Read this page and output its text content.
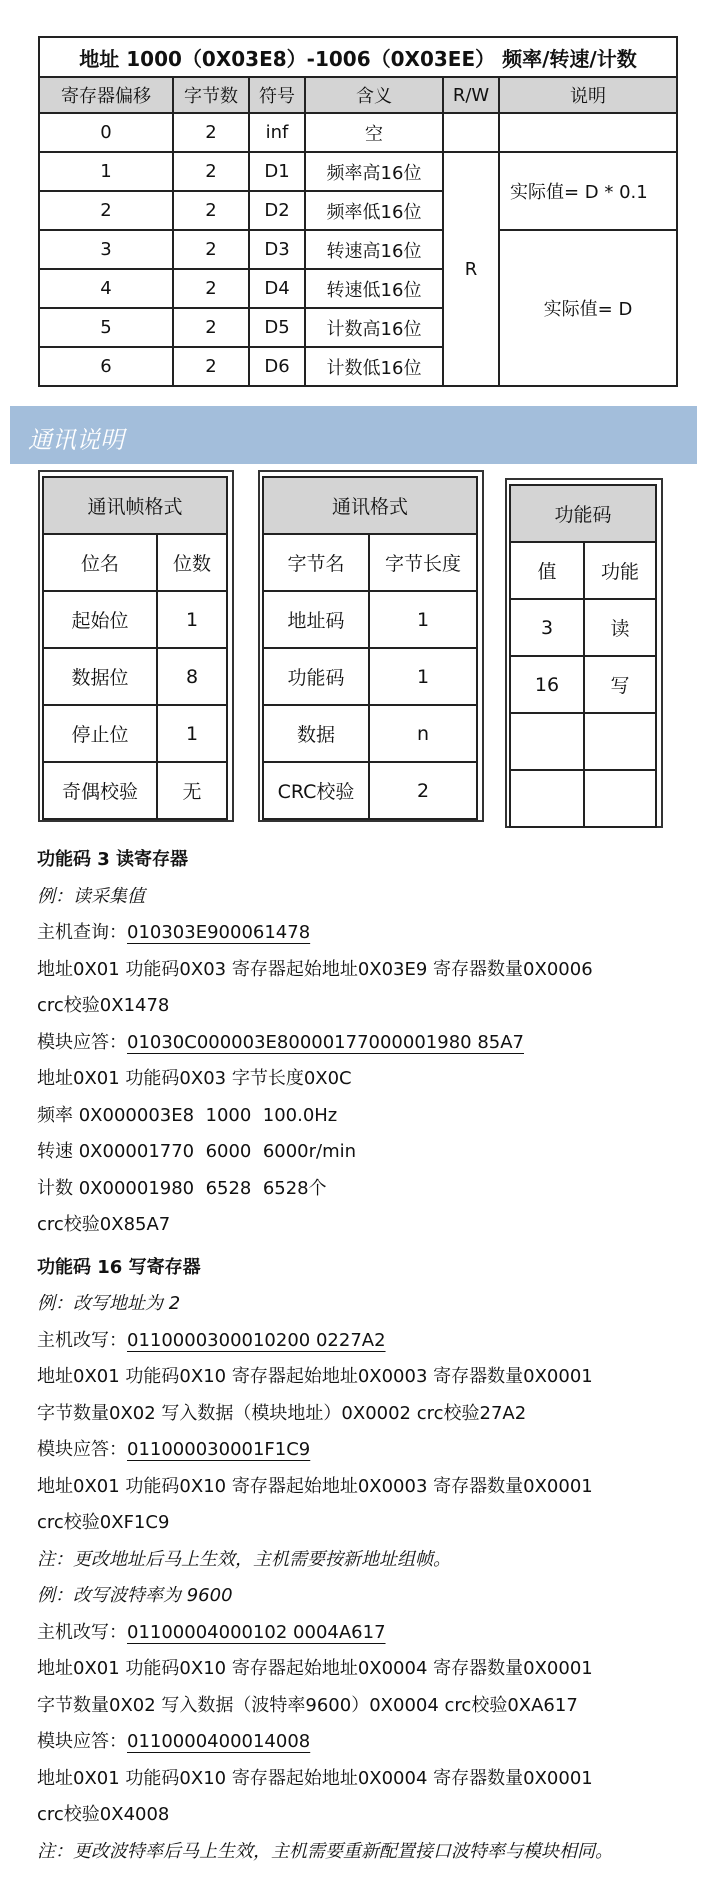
地址 1000（0X03E8）-1006（0X03EE） 频率/转速/计数					
寄存器偏移	字节数	符号	含义	R/W	说明
0	2	inf	空		
1	2	D1	频率高16位	R	实际值= D * 0.1
2	2	D2	频率低16位		
3	2	D3	转速高16位		实际值= D
4	2	D4	转速低16位		
5	2	D5	计数高16位		
6	2	D6	计数低16位		
通讯说明
通讯帧格式	
位名	位数
起始位	1
数据位	8
停止位	1
奇偶校验	无
通讯格式	
字节名	字节长度
地址码	1
功能码	1
数据	n
CRC校验	2
功能码	
值	功能
3	读
16	写

功能码 3 读寄存器
例：读采集值
主机查询：010303E900061478
地址0X01 功能码0X03 寄存器起始地址0X03E9 寄存器数量0X0006
crc校验0X1478
模块应答：01030C000003E80000177000001980 85A7
地址0X01 功能码0X03 字节长度0X0C
频率 0X000003E8  1000  100.0Hz
转速 0X00001770  6000  6000r/min
计数 0X00001980  6528  6528个
crc校验0X85A7
功能码 16 写寄存器
例：改写地址为 2
主机改写：0110000300010200 0227A2
地址0X01 功能码0X10 寄存器起始地址0X0003 寄存器数量0X0001
字节数量0X02 写入数据（模块地址）0X0002 crc校验27A2
模块应答：011000030001F1C9
地址0X01 功能码0X10 寄存器起始地址0X0003 寄存器数量0X0001
crc校验0XF1C9
注：更改地址后马上生效，主机需要按新地址组帧。
例：改写波特率为 9600
主机改写：01100004000102 0004A617
地址0X01 功能码0X10 寄存器起始地址0X0004 寄存器数量0X0001
字节数量0X02 写入数据（波特率9600）0X0004 crc校验0XA617
模块应答：0110000400014008
地址0X01 功能码0X10 寄存器起始地址0X0004 寄存器数量0X0001
crc校验0X4008
注：更改波特率后马上生效，主机需要重新配置接口波特率与模块相同。
